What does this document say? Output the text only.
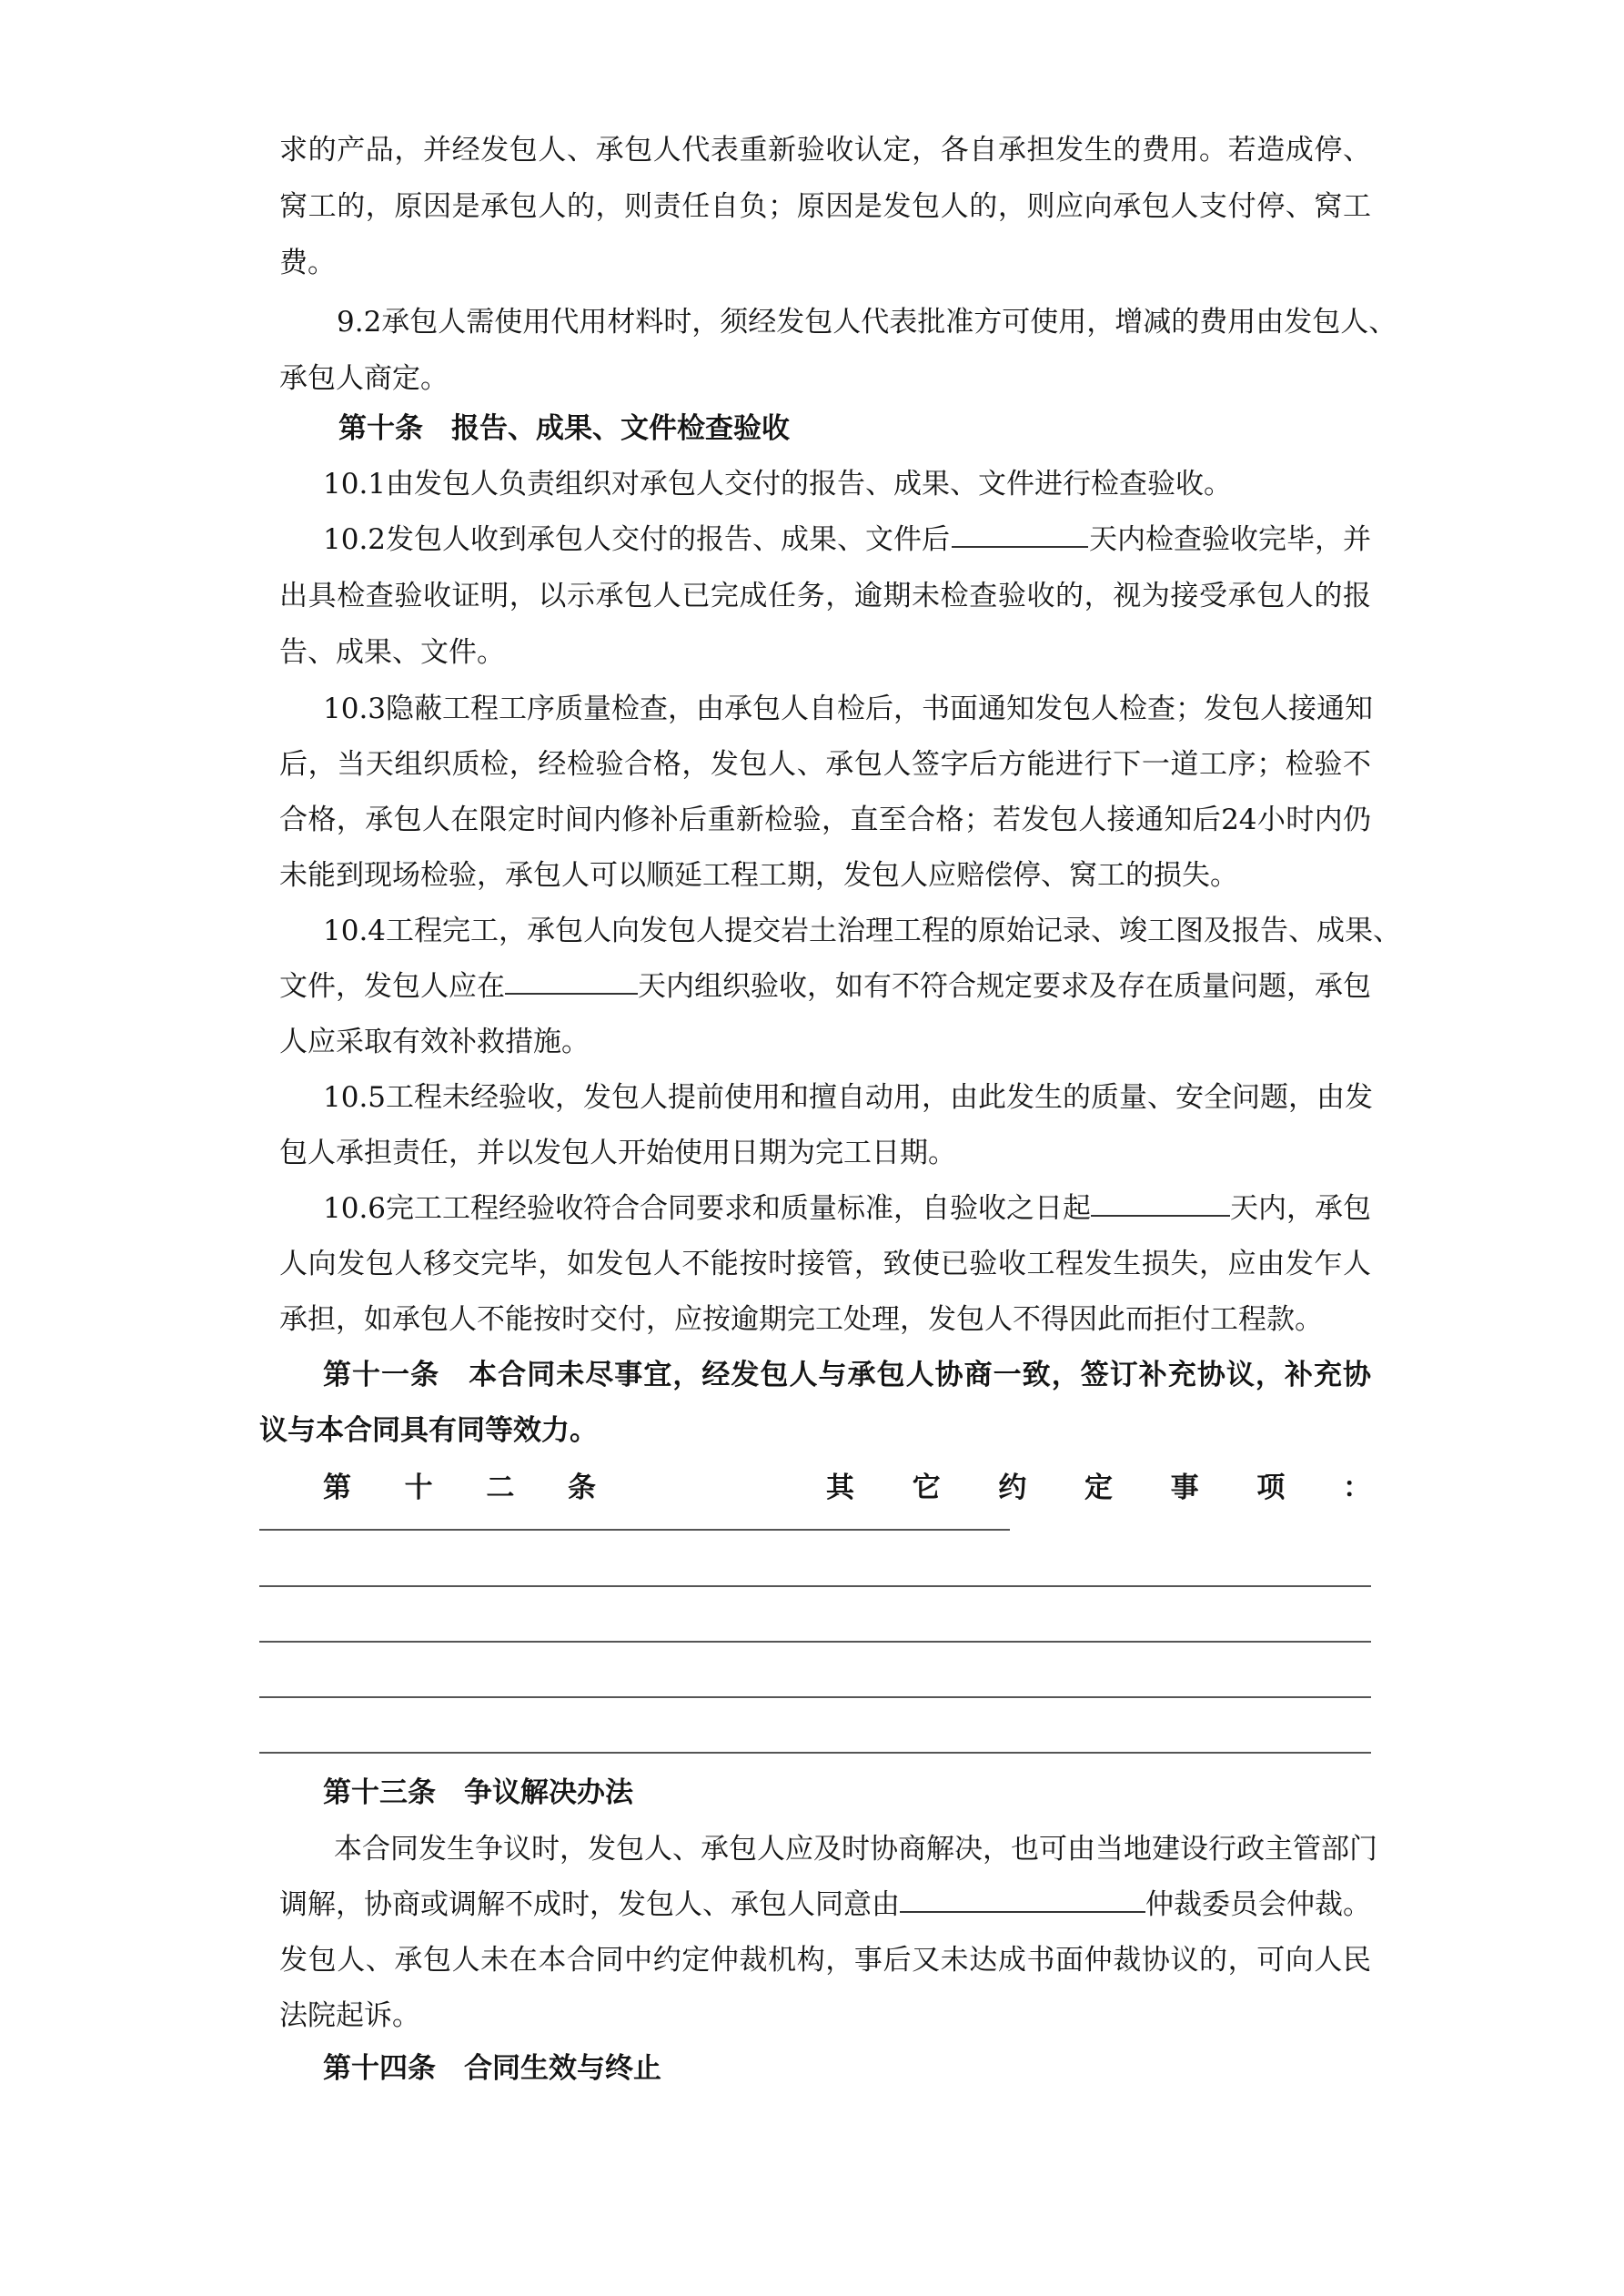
求的产品，并经发包人、承包人代表重新验收认定，各自承担发生的费用。若造成停、
窝工的，原因是承包人的，则责任自负；原因是发包人的，则应向承包人支付停、窝工
费。
9.2承包人需使用代用材料时，须经发包人代表批准方可使用，增减的费用由发包人、
承包人商定。
第十条　报告、成果、文件检查验收
10.1由发包人负责组织对承包人交付的报告、成果、文件进行检查验收。
10.2发包人收到承包人交付的报告、成果、文件后	天内检查验收完毕，并
出具检查验收证明，以示承包人已完成任务，逾期未检查验收的，视为接受承包人的报
告、成果、文件。
10.3隐蔽工程工序质量检查，由承包人自检后，书面通知发包人检查；发包人接通知
后，当天组织质检，经检验合格，发包人、承包人签字后方能进行下一道工序；检验不
合格，承包人在限定时间内修补后重新检验，直至合格；若发包人接通知后24小时内仍
未能到现场检验，承包人可以顺延工程工期，发包人应赔偿停、窝工的损失。
10.4工程完工，承包人向发包人提交岩土治理工程的原始记录、竣工图及报告、成果、
文件，发包人应在	天内组织验收，如有不符合规定要求及存在质量问题，承包
人应采取有效补救措施。
10.5工程未经验收，发包人提前使用和擅自动用，由此发生的质量、安全问题，由发
包人承担责任，并以发包人开始使用日期为完工日期。
10.6完工工程经验收符合合同要求和质量标准，自验收之日起	天内，承包
人向发包人移交完毕，如发包人不能按时接管，致使已验收工程发生损失，应由发乍人
承担，如承包人不能按时交付，应按逾期完工处理，发包人不得因此而拒付工程款。
第十一条　本合同未尽事宜，经发包人与承包人协商一致，签订补充协议，补充协
议与本合同具有同等效力。
第　十　二　条	其　它　约　定　事　项　：
第十三条　争议解决办法
本合同发生争议时，发包人、承包人应及时协商解决，也可由当地建设行政主管部门
调解，协商或调解不成时，发包人、承包人同意由	仲裁委员会仲裁。
发包人、承包人未在本合同中约定仲裁机构，事后又未达成书面仲裁协议的，可向人民
法院起诉。
第十四条　合同生效与终止
